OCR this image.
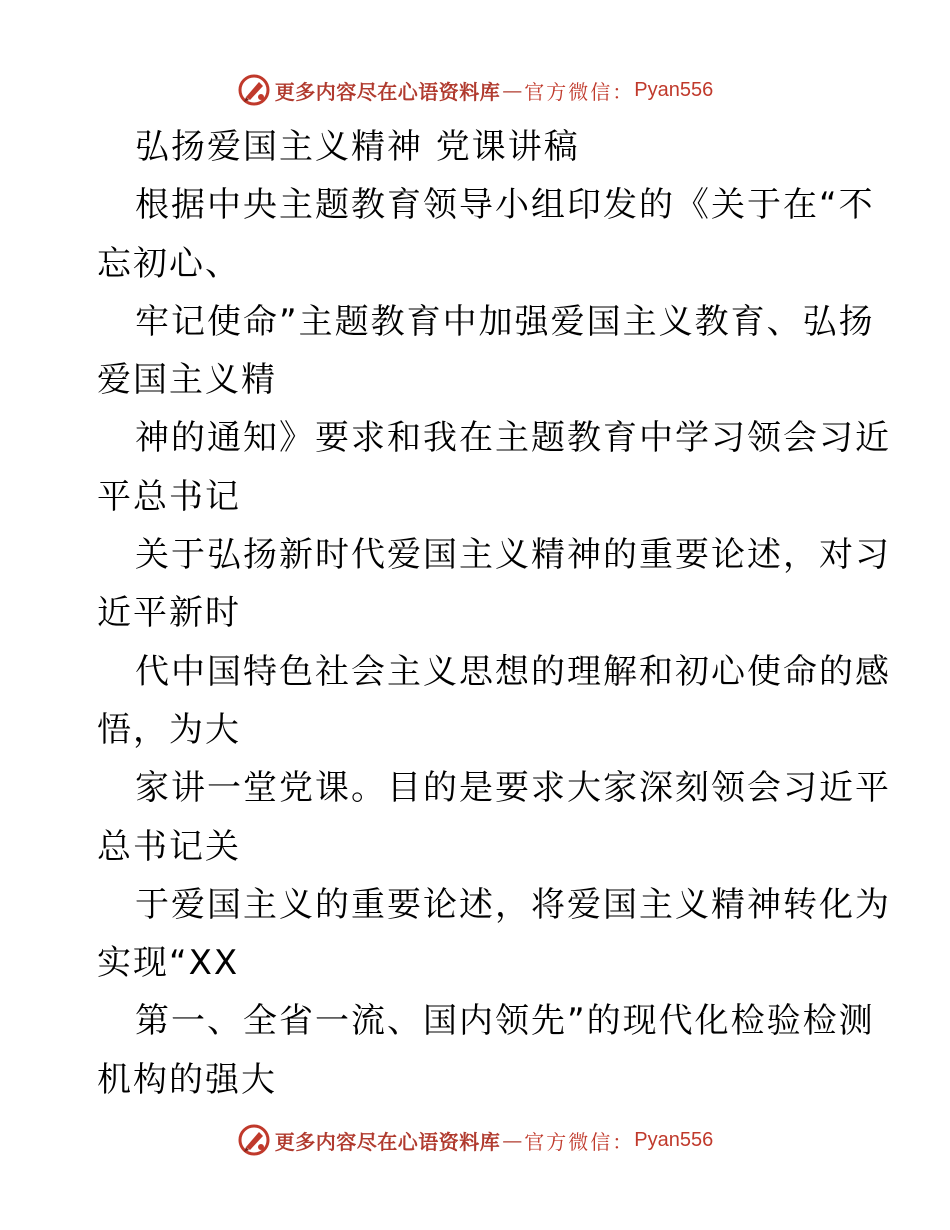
更多内容尽在心语资料库 — 官方微信： Pyan556
弘扬爱国主义精神 党课讲稿
根据中央主题教育领导小组印发的《关于在“不
忘初心、
牢记使命”主题教育中加强爱国主义教育、弘扬
爱国主义精
神的通知》要求和我在主题教育中学习领会习近
平总书记
关于弘扬新时代爱国主义精神的重要论述，对习
近平新时
代中国特色社会主义思想的理解和初心使命的感
悟，为大
家讲一堂党课。目的是要求大家深刻领会习近平
总书记关
于爱国主义的重要论述，将爱国主义精神转化为
实现“XX
第一、全省一流、国内领先”的现代化检验检测
机构的强大
更多内容尽在心语资料库 — 官方微信： Pyan556
